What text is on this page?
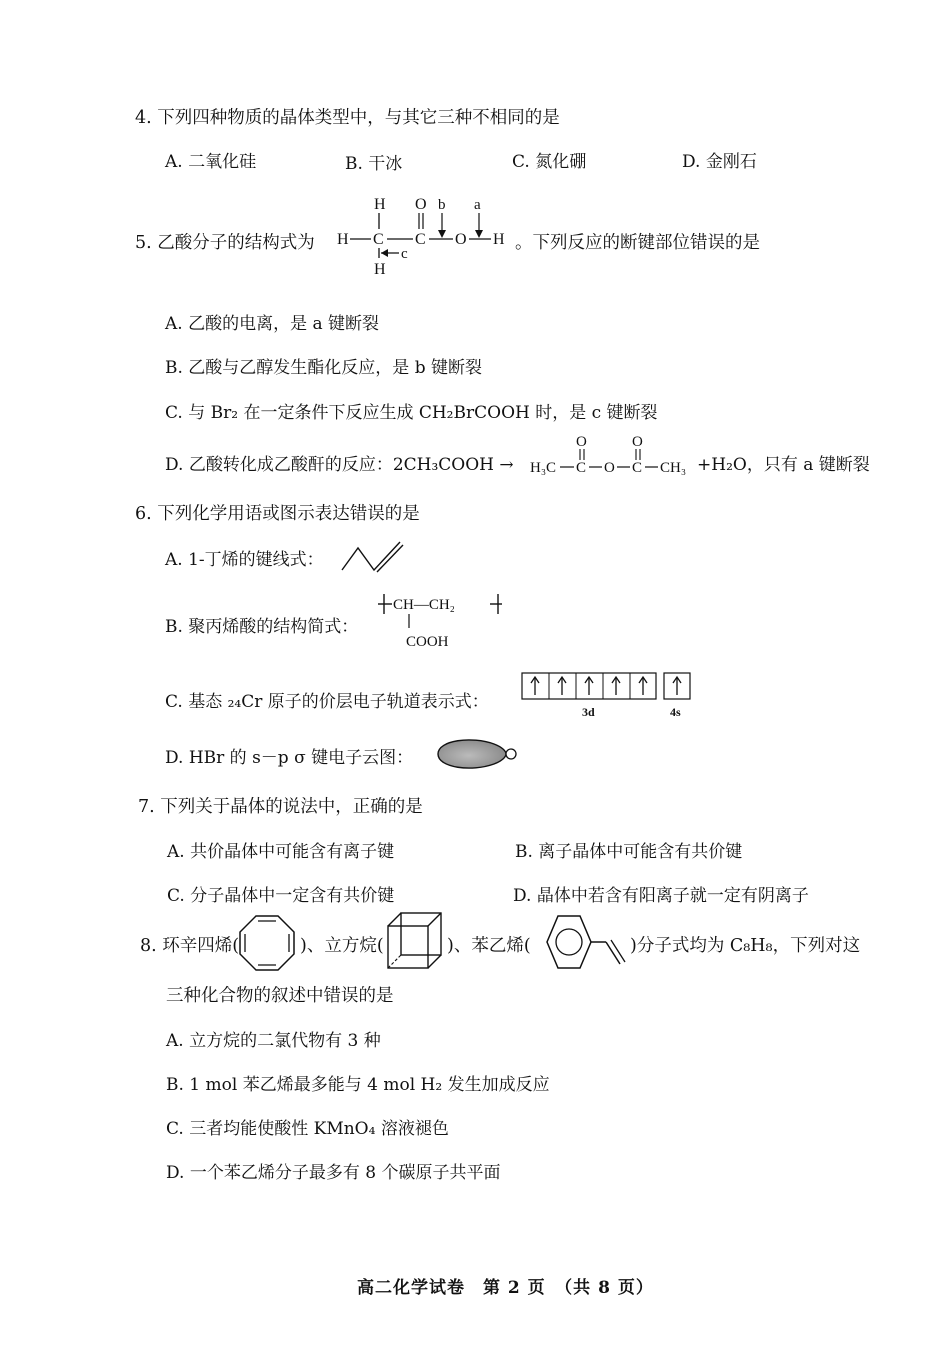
4. 下列四种物质的晶体类型中，与其它三种不相同的是
A. 二氧化硅	B. 干冰	C. 氮化硼	D. 金刚石
5. 乙酸分子的结构式为 H C
H
H
c
C
O b
O
a
H 。下列反应的断键部位错误的是
A. 乙酸的电离，是 a 键断裂
B. 乙酸与乙醇发生酯化反应，是 b 键断裂
C. 与 Br₂ 在一定条件下反应生成 CH₂BrCOOH 时，是 c 键断裂
D. 乙酸转化成乙酸酐的反应：2CH₃COOH → H₃C C
O
O C
O
CH₃ +H₂O，只有 a 键断裂
6. 下列化学用语或图示表达错误的是
A. 1-丁烯的键线式：
B. 聚丙烯酸的结构简式：
CH—CH₂
COOH
C. 基态 ₂₄Cr 原子的价层电子轨道表示式：	3d	4s
D. HBr 的 s－p σ 键电子云图：
7. 下列关于晶体的说法中，正确的是
A. 共价晶体中可能含有离子键	B. 离子晶体中可能含有共价键
C. 分子晶体中一定含有共价键	D. 晶体中若含有阳离子就一定有阴离子
8. 环辛四烯(	)、立方烷(	)、苯乙烯(	)分子式均为 C₈H₈，下列对这
三种化合物的叙述中错误的是
A. 立方烷的二氯代物有 3 种
B. 1 mol 苯乙烯最多能与 4 mol H₂ 发生加成反应
C. 三者均能使酸性 KMnO₄ 溶液褪色
D. 一个苯乙烯分子最多有 8 个碳原子共平面
高二化学试卷　第 2 页　（共 8 页）
